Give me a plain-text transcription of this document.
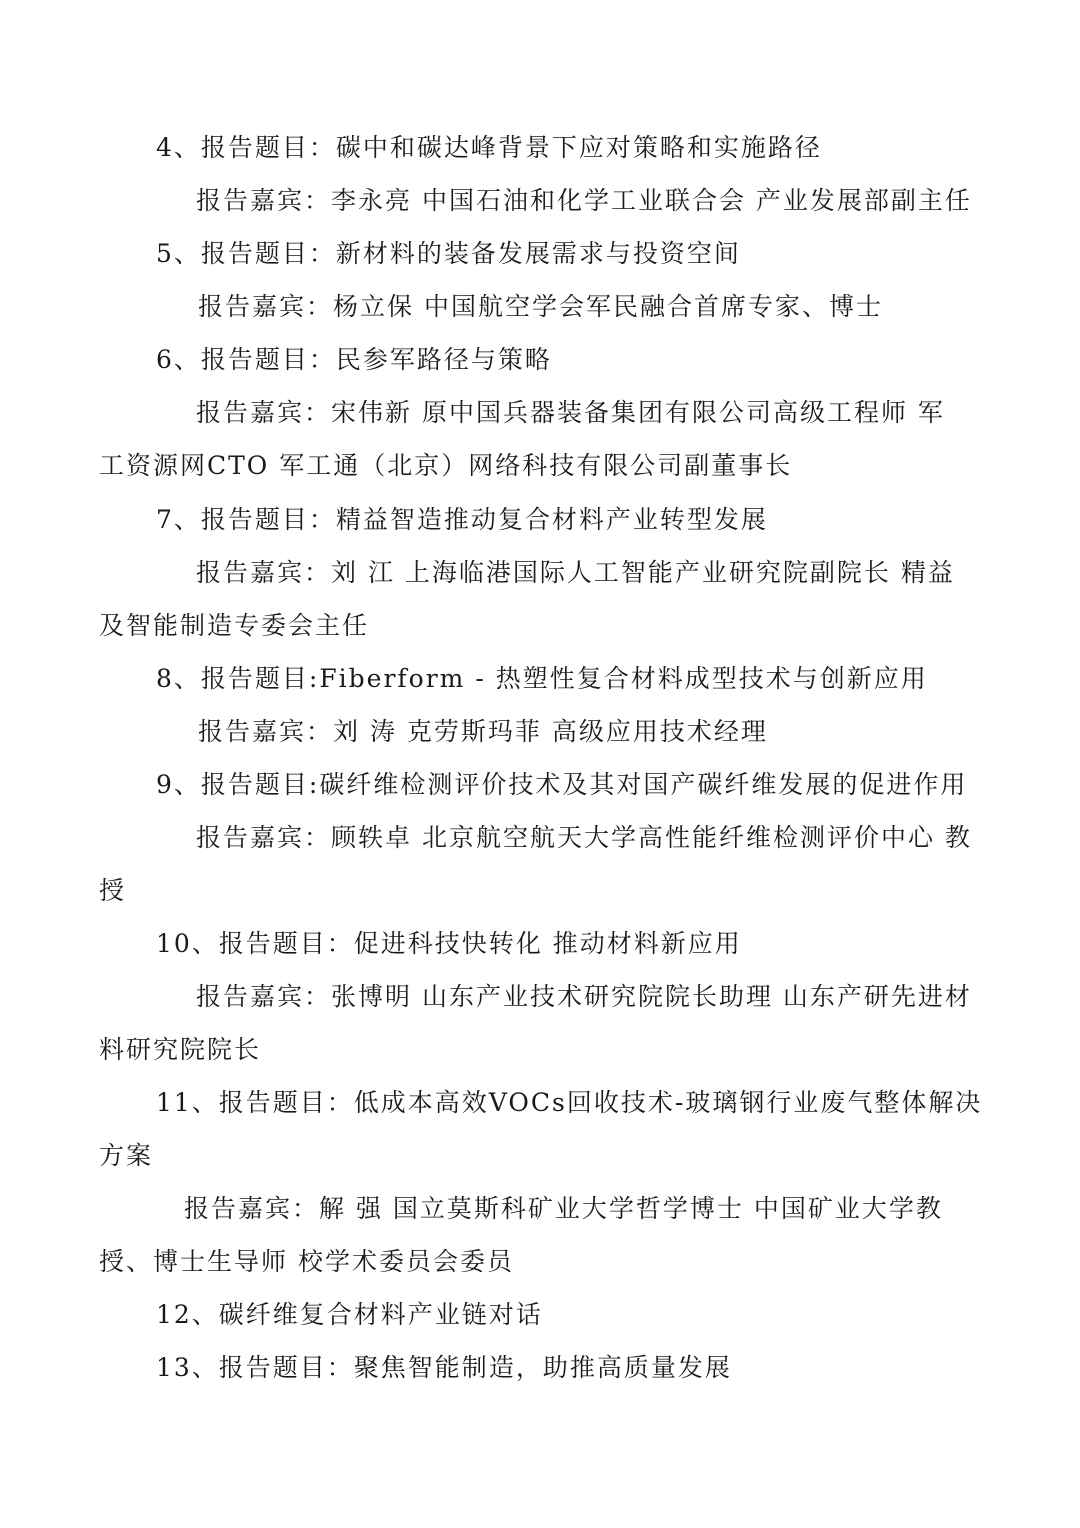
4、报告题目：碳中和碳达峰背景下应对策略和实施路径
报告嘉宾：李永亮 中国石油和化学工业联合会 产业发展部副主任
5、报告题目：新材料的装备发展需求与投资空间
报告嘉宾：杨立保 中国航空学会军民融合首席专家、博士
6、报告题目：民参军路径与策略
报告嘉宾：宋伟新 原中国兵器装备集团有限公司高级工程师 军
工资源网CTO 军工通（北京）网络科技有限公司副董事长
7、报告题目：精益智造推动复合材料产业转型发展
报告嘉宾：刘 江 上海临港国际人工智能产业研究院副院长 精益
及智能制造专委会主任
8、报告题目:Fiberform - 热塑性复合材料成型技术与创新应用
报告嘉宾：刘 涛 克劳斯玛菲 高级应用技术经理
9、报告题目:碳纤维检测评价技术及其对国产碳纤维发展的促进作用
报告嘉宾：顾轶卓 北京航空航天大学高性能纤维检测评价中心 教
授
10、报告题目：促进科技快转化 推动材料新应用
报告嘉宾：张博明 山东产业技术研究院院长助理 山东产研先进材
料研究院院长
11、报告题目：低成本高效VOCs回收技术-玻璃钢行业废气整体解决
方案
报告嘉宾：解 强 国立莫斯科矿业大学哲学博士 中国矿业大学教
授、博士生导师 校学术委员会委员
12、碳纤维复合材料产业链对话
13、报告题目：聚焦智能制造，助推高质量发展
